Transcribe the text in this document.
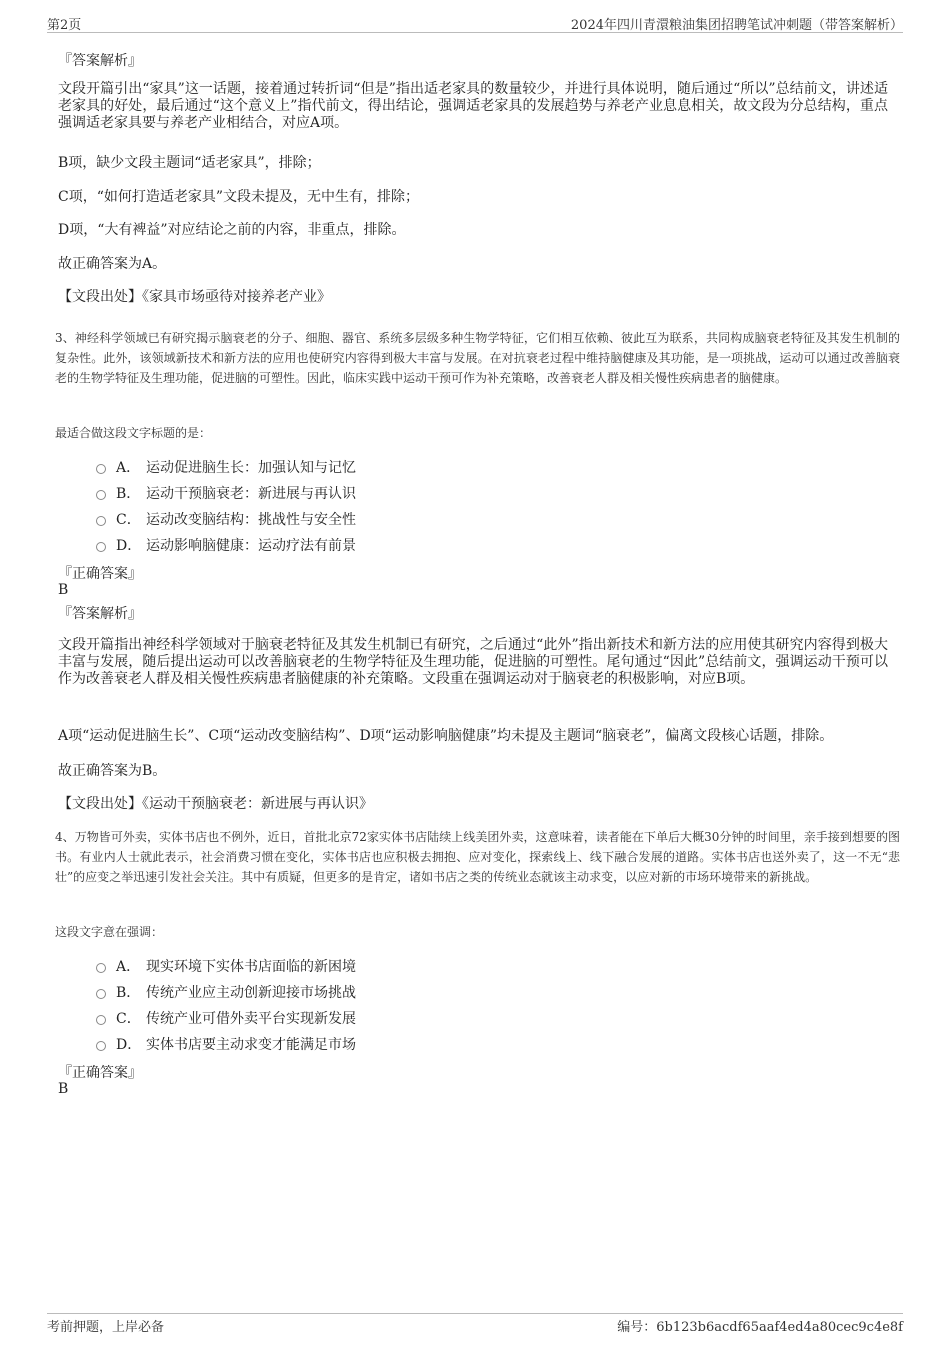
第2页	2024年四川青澴粮油集团招聘笔试冲刺题（带答案解析）
『答案解析』
文段开篇引出“家具”这一话题，接着通过转折词“但是”指出适老家具的数量较少，并进行具体说明，随后通过“所以”总结前文，讲述适老家具的好处，最后通过“这个意义上”指代前文，得出结论，强调适老家具的发展趋势与养老产业息息相关，故文段为分总结构，重点强调适老家具要与养老产业相结合，对应A项。
B项，缺少文段主题词“适老家具”，排除；
C项，“如何打造适老家具”文段未提及，无中生有，排除；
D项，“大有裨益”对应结论之前的内容，非重点，排除。
故正确答案为A。
【文段出处】《家具市场亟待对接养老产业》
3、神经科学领域已有研究揭示脑衰老的分子、细胞、器官、系统多层级多种生物学特征，它们相互依赖、彼此互为联系，共同构成脑衰老特征及其发生机制的复杂性。此外，该领域新技术和新方法的应用也使研究内容得到极大丰富与发展。在对抗衰老过程中维持脑健康及其功能，是一项挑战，运动可以通过改善脑衰老的生物学特征及生理功能，促进脑的可塑性。因此，临床实践中运动干预可作为补充策略，改善衰老人群及相关慢性疾病患者的脑健康。
最适合做这段文字标题的是：
A． 运动促进脑生长：加强认知与记忆
B． 运动干预脑衰老：新进展与再认识
C． 运动改变脑结构：挑战性与安全性
D． 运动影响脑健康：运动疗法有前景
『正确答案』
B
『答案解析』
文段开篇指出神经科学领域对于脑衰老特征及其发生机制已有研究，之后通过“此外”指出新技术和新方法的应用使其研究内容得到极大丰富与发展，随后提出运动可以改善脑衰老的生物学特征及生理功能，促进脑的可塑性。尾句通过“因此”总结前文，强调运动干预可以作为改善衰老人群及相关慢性疾病患者脑健康的补充策略。文段重在强调运动对于脑衰老的积极影响，对应B项。
A项“运动促进脑生长”、C项“运动改变脑结构”、D项“运动影响脑健康”均未提及主题词“脑衰老”，偏离文段核心话题，排除。
故正确答案为B。
【文段出处】《运动干预脑衰老：新进展与再认识》
4、万物皆可外卖，实体书店也不例外，近日，首批北京72家实体书店陆续上线美团外卖，这意味着，读者能在下单后大概30分钟的时间里，亲手接到想要的图书。有业内人士就此表示，社会消费习惯在变化，实体书店也应积极去拥抱、应对变化，探索线上、线下融合发展的道路。实体书店也送外卖了，这一不无“悲壮”的应变之举迅速引发社会关注。其中有质疑，但更多的是肯定，诸如书店之类的传统业态就该主动求变，以应对新的市场环境带来的新挑战。
这段文字意在强调：
A． 现实环境下实体书店面临的新困境
B． 传统产业应主动创新迎接市场挑战
C． 传统产业可借外卖平台实现新发展
D． 实体书店要主动求变才能满足市场
『正确答案』
B
考前押题，上岸必备	编号：6b123b6acdf65aaf4ed4a80cec9c4e8f
